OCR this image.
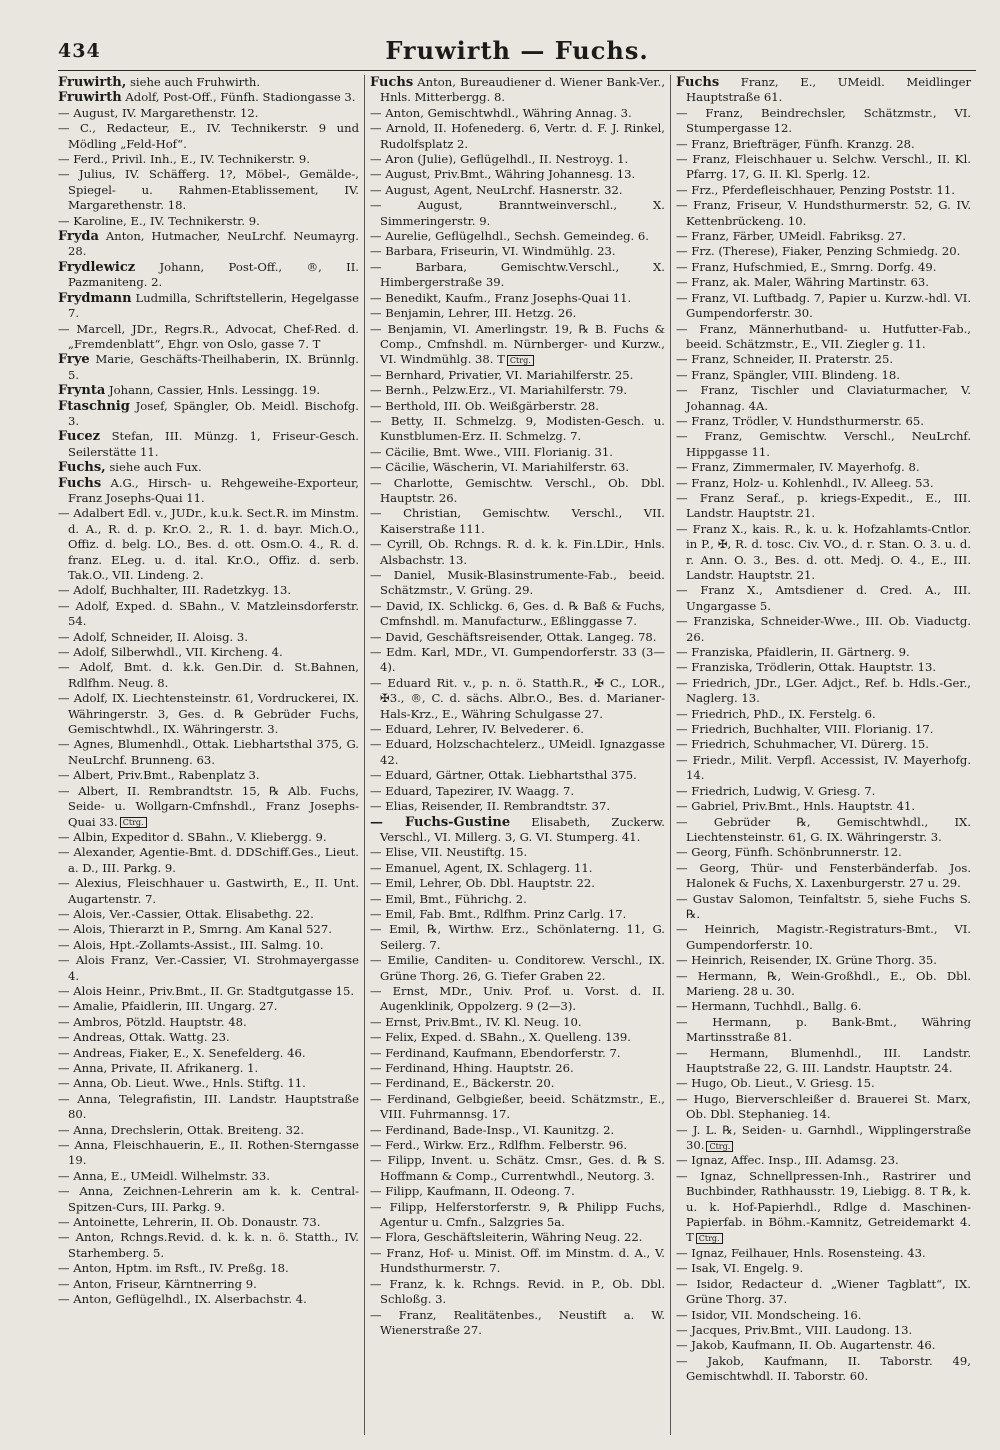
434	Fruwirth — Fuchs.

Fruwirth, siehe auch Fruhwirth.

Fruwirth Adolf, Post-Off., Fünfh. Stadiongasse 3.

— August, IV. Margarethenstr. 12.

— C., Redacteur, E., IV. Technikerstr. 9 und Mödling „Feld-Hof“.

— Ferd., Privil. Inh., E., IV. Technikerstr. 9.

— Julius, IV. Schäfferg. 1?, Möbel-, Gemälde-, Spiegel- u. Rahmen-Etablissement, IV. Margarethenstr. 18.

— Karoline, E., IV. Technikerstr. 9.

Fryda Anton, Hutmacher, NeuLrchf. Neumayrg. 28.

Frydlewicz Johann, Post-Off., ®, II. Pazmaniteng. 2.

Frydmann Ludmilla, Schriftstellerin, Hegelgasse 7.

— Marcell, JDr., Regrs.R., Advocat, Chef-Red. d. „Fremdenblatt“, Ehgr. von Oslo, gasse 7. T

Frye Marie, Geschäfts-Theilhaberin, IX. Brünnlg. 5.

Frynta Johann, Cassier, Hnls. Lessingg. 19.

Ftaschnig Josef, Spängler, Ob. Meidl. Bischofg. 3.

Fucez Stefan, III. Münzg. 1, Friseur-Gesch. Seilerstätte 11.

Fuchs, siehe auch Fux.

Fuchs A.G., Hirsch- u. Rehgeweihe-Exporteur, Franz Josephs-Quai 11.

— Adalbert Edl. v., JUDr., k.u.k. Sect.R. im Minstm. d. A., R. d. p. Kr.O. 2., R. 1. d. bayr. Mich.O., Offiz. d. belg. LO., Bes. d. ott. Osm.O. 4., R. d. franz. ELeg. u. d. ital. Kr.O., Offiz. d. serb. Tak.O., VII. Lindeng. 2.

— Adolf, Buchhalter, III. Radetzkyg. 13.

— Adolf, Exped. d. SBahn., V. Matzleinsdorferstr. 54.

— Adolf, Schneider, II. Aloisg. 3.

— Adolf, Silberwhdl., VII. Kircheng. 4.

— Adolf, Bmt. d. k.k. Gen.Dir. d. St.Bahnen, Rdlfhm. Neug. 8.

— Adolf, IX. Liechtensteinstr. 61, Vordruckerei, IX. Währingerstr. 3, Ges. d. ℞ Gebrüder Fuchs, Gemischtwhdl., IX. Währingerstr. 3.

— Agnes, Blumenhdl., Ottak. Liebhartsthal 375, G. NeuLrchf. Brunneng. 63.

— Albert, Priv.Bmt., Rabenplatz 3.

— Albert, II. Rembrandtstr. 15, ℞ Alb. Fuchs, Seide- u. Wollgarn-Cmfnshdl., Franz Josephs-Quai 33. Ctrg.

— Albin, Expeditor d. SBahn., V. Kliebergg. 9.

— Alexander, Agentie-Bmt. d. DDSchiff.Ges., Lieut. a. D., III. Parkg. 9.

— Alexius, Fleischhauer u. Gastwirth, E., II. Unt. Augartenstr. 7.

— Alois, Ver.-Cassier, Ottak. Elisabethg. 22.

— Alois, Thierarzt in P., Smrng. Am Kanal 527.

— Alois, Hpt.-Zollamts-Assist., III. Salmg. 10.

— Alois Franz, Ver.-Cassier, VI. Strohmayergasse 4.

— Alois Heinr., Priv.Bmt., II. Gr. Stadtgutgasse 15.

— Amalie, Pfaidlerin, III. Ungarg. 27.

— Ambros, Pötzld. Hauptstr. 48.

— Andreas, Ottak. Wattg. 23.

— Andreas, Fiaker, E., X. Senefelderg. 46.

— Anna, Private, II. Afrikanerg. 1.

— Anna, Ob. Lieut. Wwe., Hnls. Stiftg. 11.

— Anna, Telegrafistin, III. Landstr. Hauptstraße 80.

— Anna, Drechslerin, Ottak. Breiteng. 32.

— Anna, Fleischhauerin, E., II. Rothen-Sterngasse 19.

— Anna, E., UMeidl. Wilhelmstr. 33.

— Anna, Zeichnen-Lehrerin am k. k. Central-Spitzen-Curs, III. Parkg. 9.

— Antoinette, Lehrerin, II. Ob. Donaustr. 73.

— Anton, Rchngs.Revid. d. k. k. n. ö. Statth., IV. Starhemberg. 5.

— Anton, Hptm. im Rsft., IV. Preßg. 18.

— Anton, Friseur, Kärntnerring 9.

— Anton, Geflügelhdl., IX. Alserbachstr. 4.

Fuchs Anton, Bureaudiener d. Wiener Bank-Ver., Hnls. Mitterbergg. 8.

— Anton, Gemischtwhdl., Währing Annag. 3.

— Arnold, II. Hofenederg. 6, Vertr. d. F. J. Rinkel, Rudolfsplatz 2.

— Aron (Julie), Geflügelhdl., II. Nestroyg. 1.

— August, Priv.Bmt., Währing Johannesg. 13.

— August, Agent, NeuLrchf. Hasnerstr. 32.

— August, Branntweinverschl., X. Simmeringerstr. 9.

— Aurelie, Geflügelhdl., Sechsh. Gemeindeg. 6.

— Barbara, Friseurin, VI. Windmühlg. 23.

— Barbara, Gemischtw.Verschl., X. Himbergerstraße 39.

— Benedikt, Kaufm., Franz Josephs-Quai 11.

— Benjamin, Lehrer, III. Hetzg. 26.

— Benjamin, VI. Amerlingstr. 19, ℞ B. Fuchs & Comp., Cmfnshdl. m. Nürnberger- und Kurzw., VI. Windmühlg. 38. T Ctrg.

— Bernhard, Privatier, VI. Mariahilferstr. 25.

— Bernh., Pelzw.Erz., VI. Mariahilferstr. 79.

— Berthold, III. Ob. Weißgärberstr. 28.

— Betty, II. Schmelzg. 9, Modisten-Gesch. u. Kunstblumen-Erz. II. Schmelzg. 7.

— Cäcilie, Bmt. Wwe., VIII. Florianig. 31.

— Cäcilie, Wäscherin, VI. Mariahilferstr. 63.

— Charlotte, Gemischtw. Verschl., Ob. Dbl. Hauptstr. 26.

— Christian, Gemischtw. Verschl., VII. Kaiserstraße 111.

— Cyrill, Ob. Rchngs. R. d. k. k. Fin.LDir., Hnls. Alsbachstr. 13.

— Daniel, Musik-Blasinstrumente-Fab., beeid. Schätzmstr., V. Grüng. 29.

— David, IX. Schlickg. 6, Ges. d. ℞ Baß & Fuchs, Cmfnshdl. m. Manufacturw., Eßlinggasse 7.

— David, Geschäftsreisender, Ottak. Langeg. 78.

— Edm. Karl, MDr., VI. Gumpendorferstr. 33 (3—4).

— Eduard Rit. v., p. n. ö. Statth.R., ✠ C., LOR., ✠3., ®, C. d. sächs. Albr.O., Bes. d. Marianer-Hals-Krz., E., Währing Schulgasse 27.

— Eduard, Lehrer, IV. Belvederег. 6.

— Eduard, Holzschachtelerz., UMeidl. Ignazgasse 42.

— Eduard, Gärtner, Ottak. Liebhartsthal 375.

— Eduard, Tapezirer, IV. Waagg. 7.

— Elias, Reisender, II. Rembrandtstr. 37.

— Fuchs-Gustine Elisabeth, Zuckerw. Verschl., VI. Millerg. 3, G. VI. Stumperg. 41.

— Elise, VII. Neustiftg. 15.

— Emanuel, Agent, IX. Schlagerg. 11.

— Emil, Lehrer, Ob. Dbl. Hauptstr. 22.

— Emil, Bmt., Führichg. 2.

— Emil, Fab. Bmt., Rdlfhm. Prinz Carlg. 17.

— Emil, ℞, Wirthw. Erz., Schönlaterng. 11, G. Seilerg. 7.

— Emilie, Canditen- u. Conditorew. Verschl., IX. Grüne Thorg. 26, G. Tiefer Graben 22.

— Ernst, MDr., Univ. Prof. u. Vorst. d. II. Augenklinik, Oppolzerg. 9 (2—3).

— Ernst, Priv.Bmt., IV. Kl. Neug. 10.

— Felix, Exped. d. SBahn., X. Quelleng. 139.

— Ferdinand, Kaufmann, Ebendorferstr. 7.

— Ferdinand, Hhing. Hauptstr. 26.

— Ferdinand, E., Bäckerstr. 20.

— Ferdinand, Gelbgießer, beeid. Schätzmstr., E., VIII. Fuhrmannsg. 17.

— Ferdinand, Bade-Insp., VI. Kaunitzg. 2.

— Ferd., Wirkw. Erz., Rdlfhm. Felberstr. 96.

— Filipp, Invent. u. Schätz. Cmsr., Ges. d. ℞ S. Hoffmann & Comp., Currentwhdl., Neutorg. 3.

— Filipp, Kaufmann, II. Odeong. 7.

— Filipp, Helferstorferstr. 9, ℞ Philipp Fuchs, Agentur u. Cmfn., Salzgries 5a.

— Flora, Geschäftsleiterin, Währing Neug. 22.

— Franz, Hof- u. Minist. Off. im Minstm. d. A., V. Hundsthurmerstr. 7.

— Franz, k. k. Rchngs. Revid. in P., Ob. Dbl. Schloßg. 3.

— Franz, Realitätenbes., Neustift a. W. Wienerstraße 27.

Fuchs Franz, E., UMeidl. Meidlinger Hauptstraße 61.

— Franz, Beindrechsler, Schätzmstr., VI. Stumpergasse 12.

— Franz, Briefträger, Fünfh. Kranzg. 28.

— Franz, Fleischhauer u. Selchw. Verschl., II. Kl. Pfarrg. 17, G. II. Kl. Sperlg. 12.

— Frz., Pferdefleischhauer, Penzing Poststr. 11.

— Franz, Friseur, V. Hundsthurmerstr. 52, G. IV. Kettenbrückeng. 10.

— Franz, Färber, UMeidl. Fabriksg. 27.

— Frz. (Therese), Fiaker, Penzing Schmiedg. 20.

— Franz, Hufschmied, E., Smrng. Dorfg. 49.

— Franz, ak. Maler, Währing Martinstr. 63.

— Franz, VI. Luftbadg. 7, Papier u. Kurzw.-hdl. VI. Gumpendorferstr. 30.

— Franz, Männerhutband- u. Hutfutter-Fab., beeid. Schätzmstr., E., VII. Ziegler g. 11.

— Franz, Schneider, II. Praterstr. 25.

— Franz, Spängler, VIII. Blindeng. 18.

— Franz, Tischler und Claviaturmacher, V. Johannag. 4A.

— Franz, Trödler, V. Hundsthurmerstr. 65.

— Franz, Gemischtw. Verschl., NeuLrchf. Hippgasse 11.

— Franz, Zimmermaler, IV. Mayerhofg. 8.

— Franz, Holz- u. Kohlenhdl., IV. Alleeg. 53.

— Franz Seraf., p. kriegs-Expedit., E., III. Landstr. Hauptstr. 21.

— Franz X., kais. R., k. u. k. Hofzahlamts-Cntlor. in P., ✠, R. d. tosc. Civ. VO., d. r. Stan. O. 3. u. d. r. Ann. O. 3., Bes. d. ott. Medj. O. 4., E., III. Landstr. Hauptstr. 21.

— Franz X., Amtsdiener d. Cred. A., III. Ungargasse 5.

— Franziska, Schneider-Wwe., III. Ob. Viaductg. 26.

— Franziska, Pfaidlerin, II. Gärtnerg. 9.

— Franziska, Trödlerin, Ottak. Hauptstr. 13.

— Friedrich, JDr., LGer. Adjct., Ref. b. Hdls.-Ger., Naglerg. 13.

— Friedrich, PhD., IX. Ferstelg. 6.

— Friedrich, Buchhalter, VIII. Florianig. 17.

— Friedrich, Schuhmacher, VI. Dürerg. 15.

— Friedr., Milit. Verpfl. Accessist, IV. Mayerhofg. 14.

— Friedrich, Ludwig, V. Griesg. 7.

— Gabriel, Priv.Bmt., Hnls. Hauptstr. 41.

— Gebrüder ℞, Gemischtwhdl., IX. Liechtensteinstr. 61, G. IX. Währingerstr. 3.

— Georg, Fünfh. Schönbrunnerstr. 12.

— Georg, Thür- und Fensterbänderfab. Jos. Halonek & Fuchs, X. Laxenburgerstr. 27 u. 29.

— Gustav Salomon, Teinfaltstr. 5, siehe Fuchs S. ℞.

— Heinrich, Magistr.-Registraturs-Bmt., VI. Gumpendorferstr. 10.

— Heinrich, Reisender, IX. Grüne Thorg. 35.

— Hermann, ℞, Wein-Großhdl., E., Ob. Dbl. Marieng. 28 u. 30.

— Hermann, Tuchhdl., Ballg. 6.

— Hermann, p. Bank-Bmt., Währing Martinsstraße 81.

— Hermann, Blumenhdl., III. Landstr. Hauptstraße 22, G. III. Landstr. Hauptstr. 24.

— Hugo, Ob. Lieut., V. Griesg. 15.

— Hugo, Bierverschleißer d. Brauerei St. Marx, Ob. Dbl. Stephanieg. 14.

— J. L. ℞, Seiden- u. Garnhdl., Wipplingerstraße 30. Ctrg.

— Ignaz, Affec. Insp., III. Adamsg. 23.

— Ignaz, Schnellpressen-Inh., Rastrirer und Buchbinder, Rathhausstr. 19, Liebigg. 8. T ℞, k. u. k. Hof-Papierhdl., Rdlge d. Maschinen-Papierfab. in Böhm.-Kamnitz, Getreidemarkt 4. T Ctrg.

— Ignaz, Feilhauer, Hnls. Rosensteing. 43.

— Isak, VI. Engelg. 9.

— Isidor, Redacteur d. „Wiener Tagblatt“, IX. Grüne Thorg. 37.

— Isidor, VII. Mondscheing. 16.

— Jacques, Priv.Bmt., VIII. Laudong. 13.

— Jakob, Kaufmann, II. Ob. Augartenstr. 46.

— Jakob, Kaufmann, II. Taborstr. 49, Gemischtwhdl. II. Taborstr. 60.
